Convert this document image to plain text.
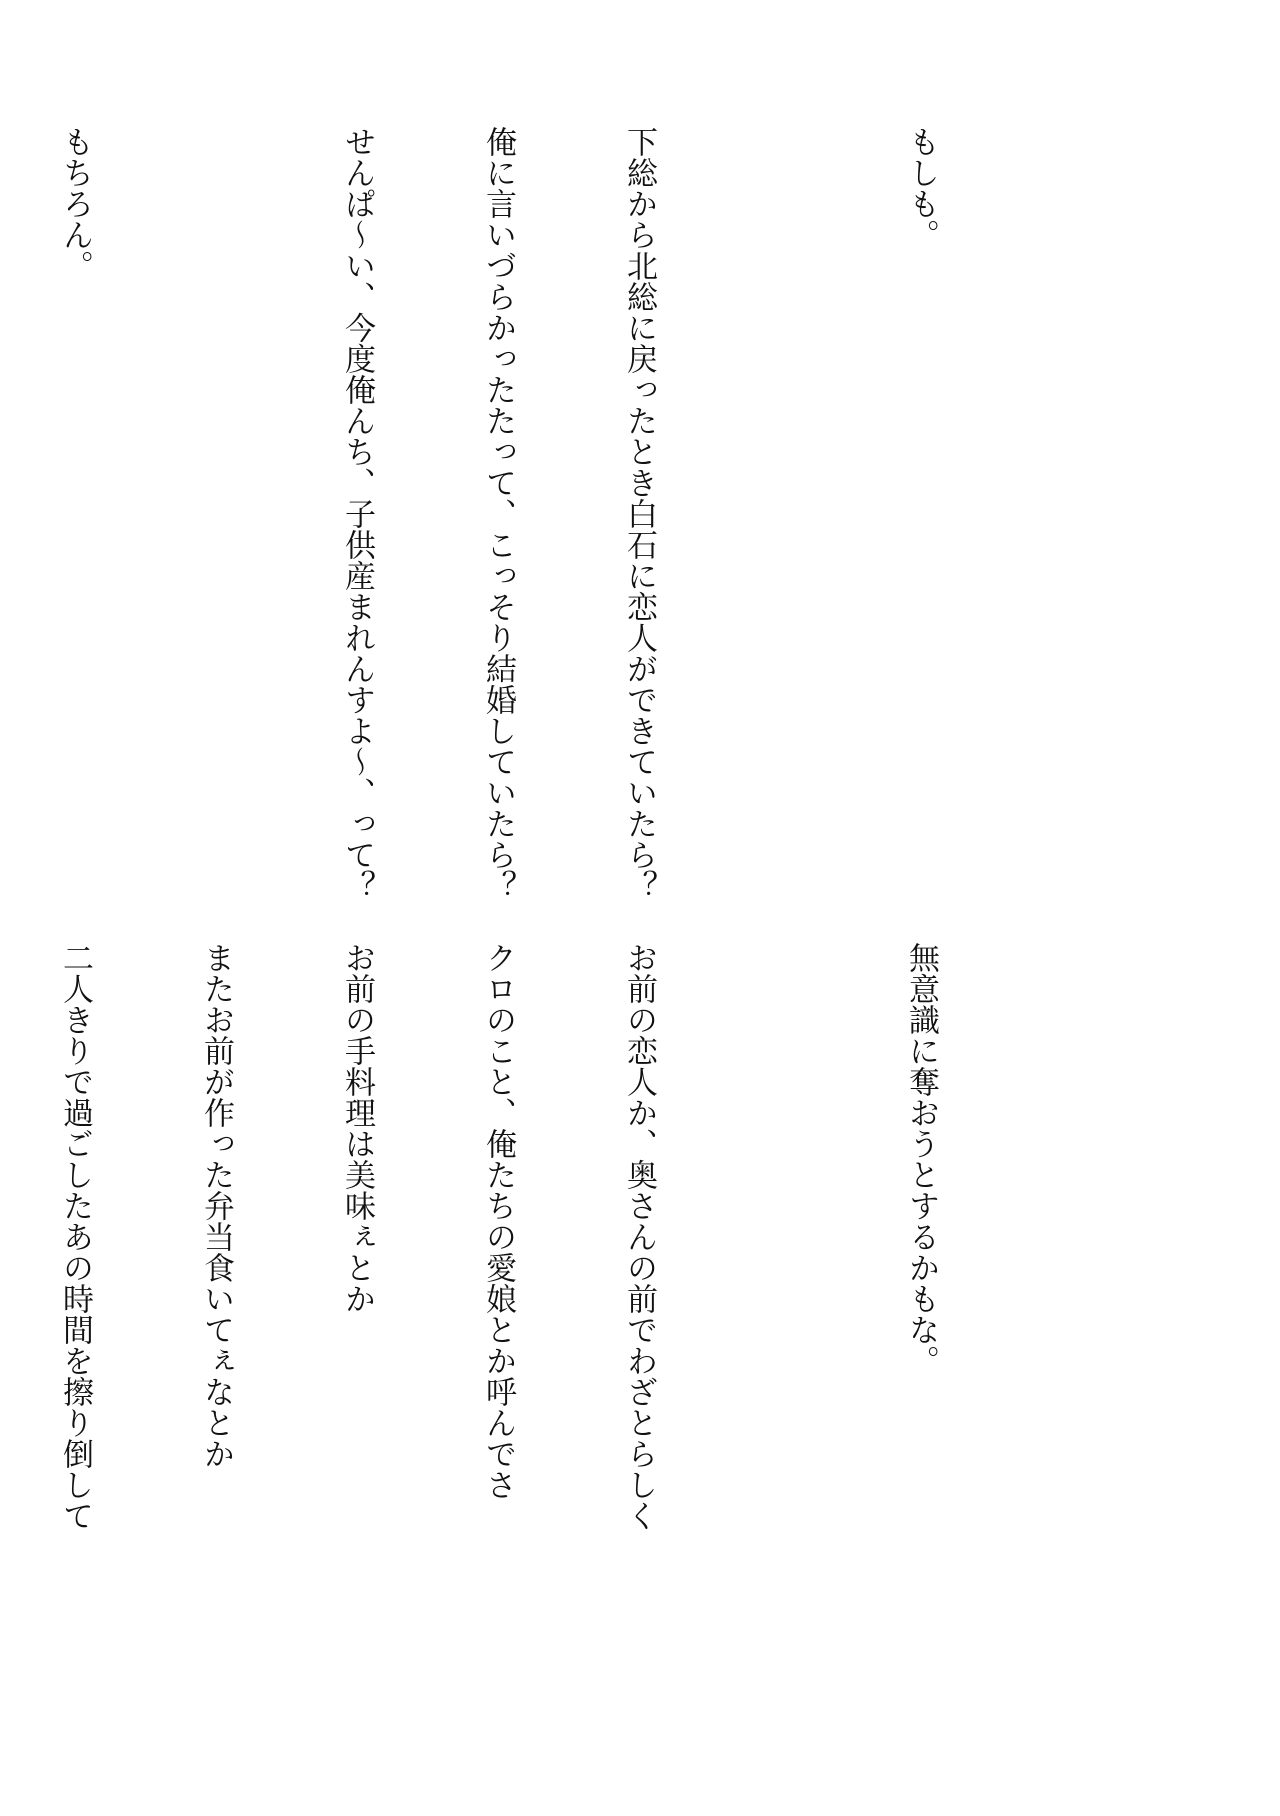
もしも。

下総から北総に戻ったとき白石に恋人ができていたら？

俺に言いづらかったたって、こっそり結婚していたら？

せんぱ〜い、今度俺んち、子供産まれんすよ〜、って？

もちろん。

無意識に奪おうとするかもな。

お前の恋人か、奥さんの前でわざとらしく

クロのこと、俺たちの愛娘とか呼んでさ

お前の手料理は美味ぇとか

またお前が作った弁当食いてぇなとか

二人きりで過ごしたあの時間を擦り倒して
